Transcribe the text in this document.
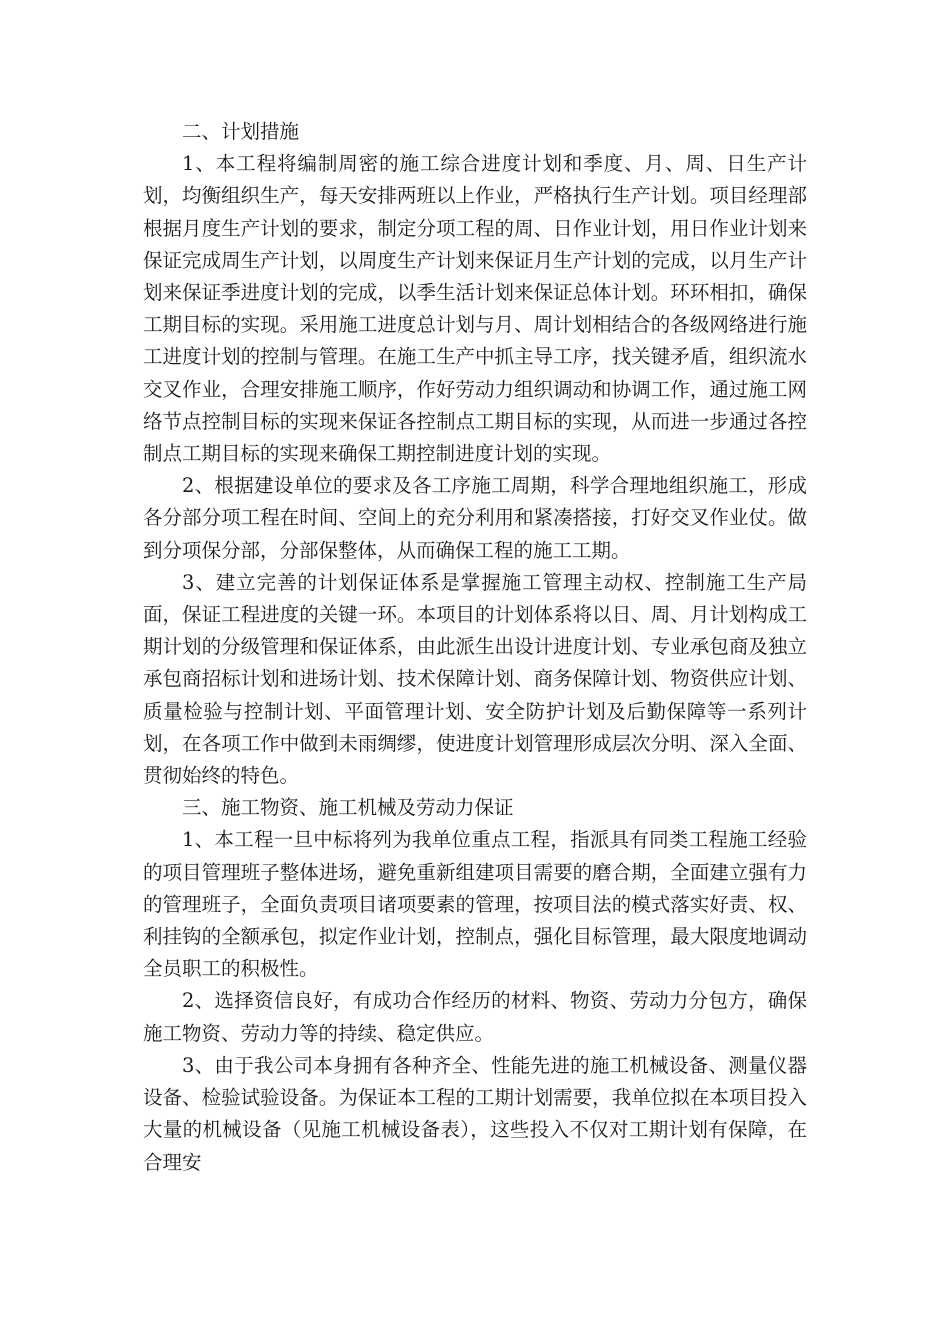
二、计划措施

1、本工程将编制周密的施工综合进度计划和季度、月、周、日生产计划，均衡组织生产，每天安排两班以上作业，严格执行生产计划。项目经理部根据月度生产计划的要求，制定分项工程的周、日作业计划，用日作业计划来保证完成周生产计划，以周度生产计划来保证月生产计划的完成，以月生产计划来保证季进度计划的完成，以季生活计划来保证总体计划。环环相扣，确保工期目标的实现。采用施工进度总计划与月、周计划相结合的各级网络进行施工进度计划的控制与管理。在施工生产中抓主导工序，找关键矛盾，组织流水交叉作业，合理安排施工顺序，作好劳动力组织调动和协调工作，通过施工网络节点控制目标的实现来保证各控制点工期目标的实现，从而进一步通过各控制点工期目标的实现来确保工期控制进度计划的实现。

2、根据建设单位的要求及各工序施工周期，科学合理地组织施工，形成各分部分项工程在时间、空间上的充分利用和紧凑搭接，打好交叉作业仗。做到分项保分部，分部保整体，从而确保工程的施工工期。

3、建立完善的计划保证体系是掌握施工管理主动权、控制施工生产局面，保证工程进度的关键一环。本项目的计划体系将以日、周、月计划构成工期计划的分级管理和保证体系，由此派生出设计进度计划、专业承包商及独立承包商招标计划和进场计划、技术保障计划、商务保障计划、物资供应计划、质量检验与控制计划、平面管理计划、安全防护计划及后勤保障等一系列计划，在各项工作中做到未雨绸缪，使进度计划管理形成层次分明、深入全面、贯彻始终的特色。

三、施工物资、施工机械及劳动力保证

1、本工程一旦中标将列为我单位重点工程，指派具有同类工程施工经验的项目管理班子整体进场，避免重新组建项目需要的磨合期，全面建立强有力的管理班子，全面负责项目诸项要素的管理，按项目法的模式落实好责、权、利挂钩的全额承包，拟定作业计划，控制点，强化目标管理，最大限度地调动全员职工的积极性。

2、选择资信良好，有成功合作经历的材料、物资、劳动力分包方，确保施工物资、劳动力等的持续、稳定供应。

3、由于我公司本身拥有各种齐全、性能先进的施工机械设备、测量仪器设备、检验试验设备。为保证本工程的工期计划需要，我单位拟在本项目投入大量的机械设备（见施工机械设备表），这些投入不仅对工期计划有保障，在合理安
